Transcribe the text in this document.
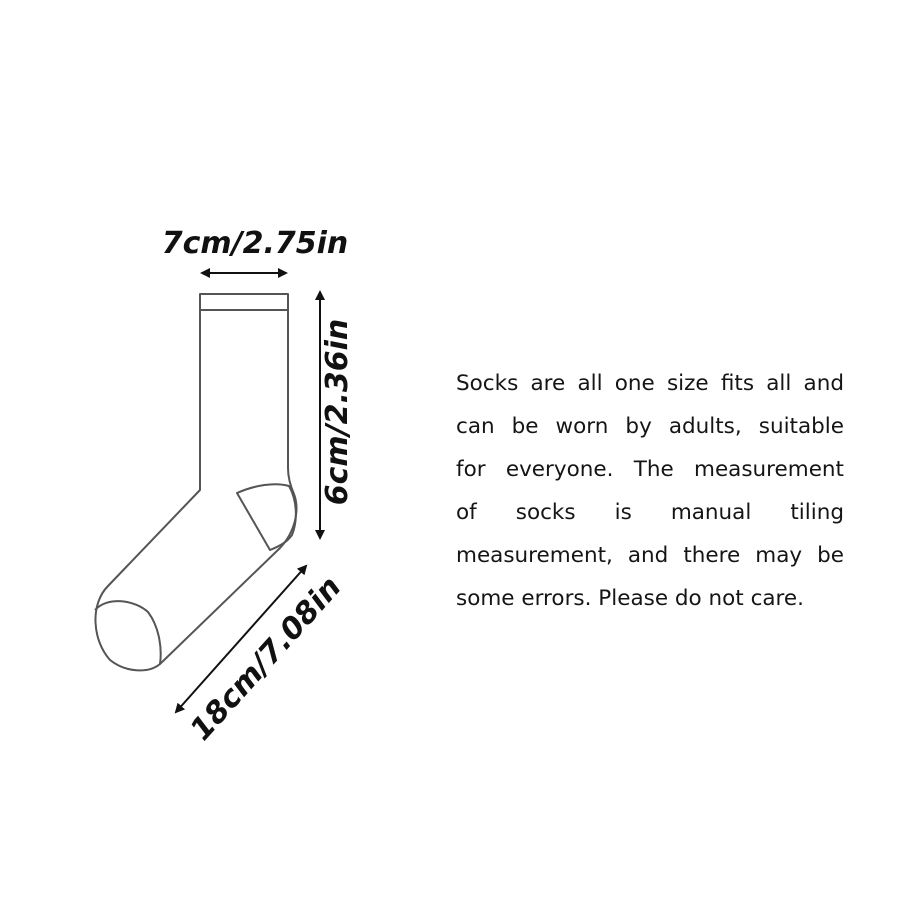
7cm/2.75in
6cm/2.36in
18cm/7.08in
Socks are all one size fits all and
can be worn by adults, suitable
for everyone. The measurement
of socks is manual tiling
measurement, and there may be
some errors. Please do not care.
